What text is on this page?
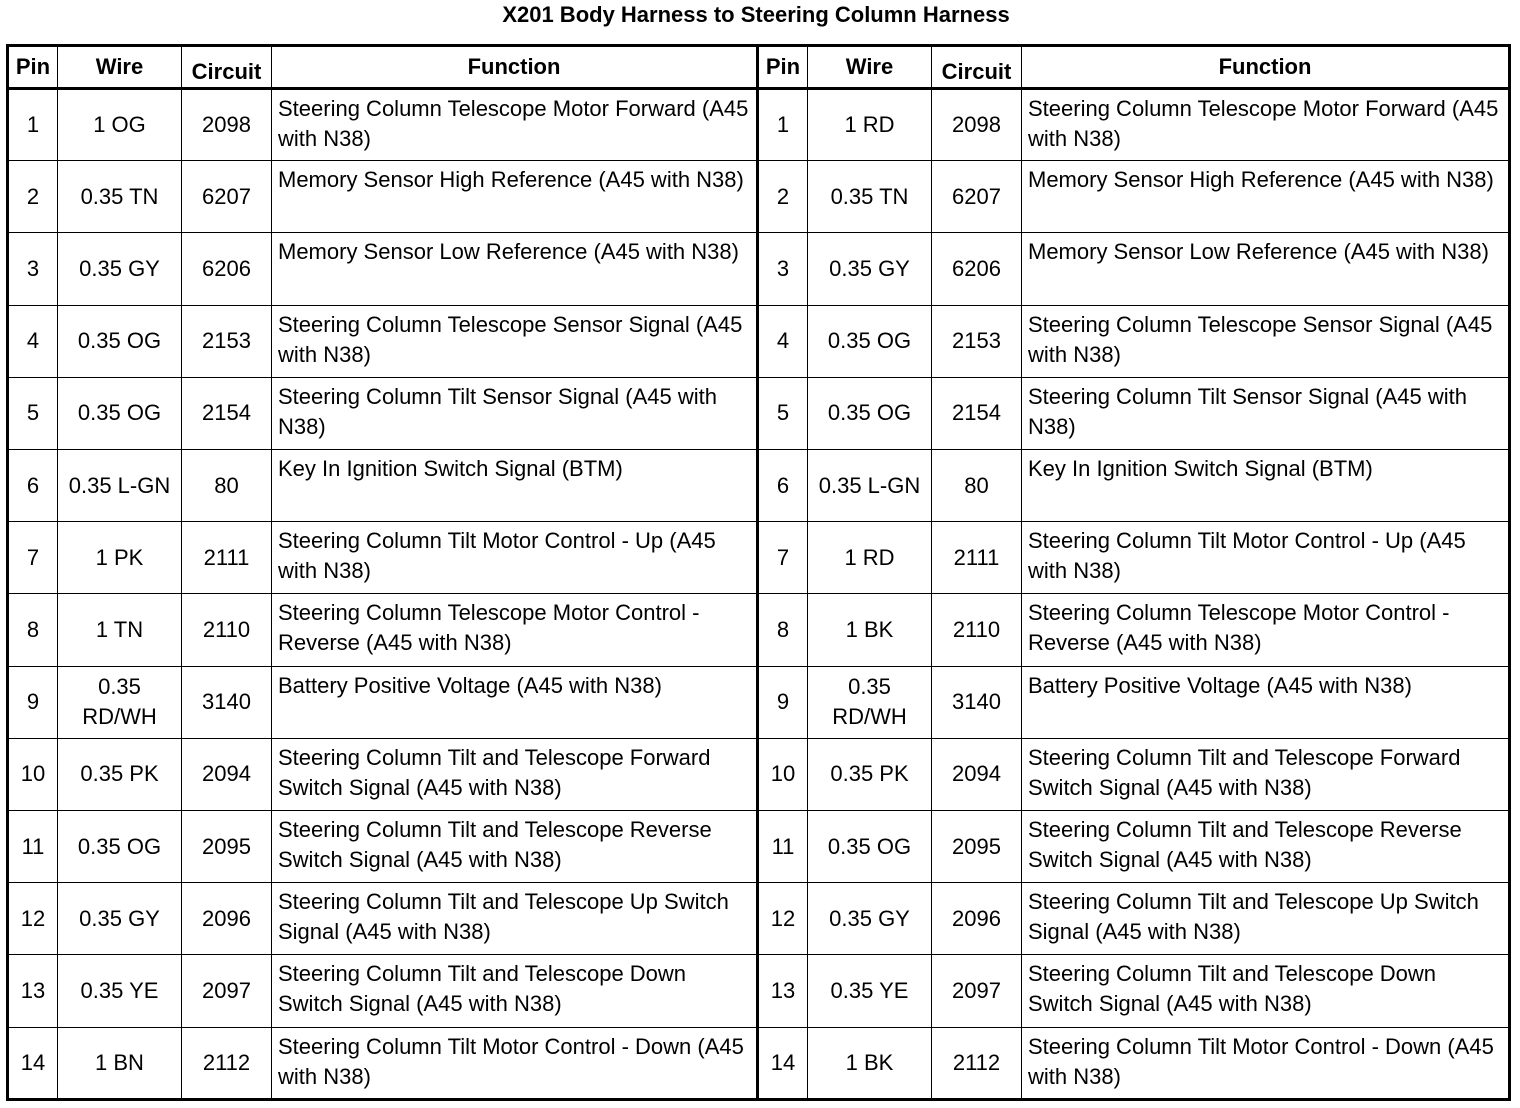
X201 Body Harness to Steering Column Harness
Pin	Wire	Circuit	Function	Pin	Wire	Circuit	Function
1	1 OG	2098	Steering Column Telescope Motor Forward (A45 with N38)	1	1 RD	2098	Steering Column Telescope Motor Forward (A45 with N38)
2	0.35 TN	6207	Memory Sensor High Reference (A45 with N38)	2	0.35 TN	6207	Memory Sensor High Reference (A45 with N38)
3	0.35 GY	6206	Memory Sensor Low Reference (A45 with N38)	3	0.35 GY	6206	Memory Sensor Low Reference (A45 with N38)
4	0.35 OG	2153	Steering Column Telescope Sensor Signal (A45 with N38)	4	0.35 OG	2153	Steering Column Telescope Sensor Signal (A45 with N38)
5	0.35 OG	2154	Steering Column Tilt Sensor Signal (A45 with N38)	5	0.35 OG	2154	Steering Column Tilt Sensor Signal (A45 with N38)
6	0.35 L-GN	80	Key In Ignition Switch Signal (BTM)	6	0.35 L-GN	80	Key In Ignition Switch Signal (BTM)
7	1 PK	2111	Steering Column Tilt Motor Control - Up (A45 with N38)	7	1 RD	2111	Steering Column Tilt Motor Control - Up (A45 with N38)
8	1 TN	2110	Steering Column Telescope Motor Control - Reverse (A45 with N38)	8	1 BK	2110	Steering Column Telescope Motor Control - Reverse (A45 with N38)
9	0.35 RD/WH	3140	Battery Positive Voltage (A45 with N38)	9	0.35 RD/WH	3140	Battery Positive Voltage (A45 with N38)
10	0.35 PK	2094	Steering Column Tilt and Telescope Forward Switch Signal (A45 with N38)	10	0.35 PK	2094	Steering Column Tilt and Telescope Forward Switch Signal (A45 with N38)
11	0.35 OG	2095	Steering Column Tilt and Telescope Reverse Switch Signal (A45 with N38)	11	0.35 OG	2095	Steering Column Tilt and Telescope Reverse Switch Signal (A45 with N38)
12	0.35 GY	2096	Steering Column Tilt and Telescope Up Switch Signal (A45 with N38)	12	0.35 GY	2096	Steering Column Tilt and Telescope Up Switch Signal (A45 with N38)
13	0.35 YE	2097	Steering Column Tilt and Telescope Down Switch Signal (A45 with N38)	13	0.35 YE	2097	Steering Column Tilt and Telescope Down Switch Signal (A45 with N38)
14	1 BN	2112	Steering Column Tilt Motor Control - Down (A45 with N38)	14	1 BK	2112	Steering Column Tilt Motor Control - Down (A45 with N38)
